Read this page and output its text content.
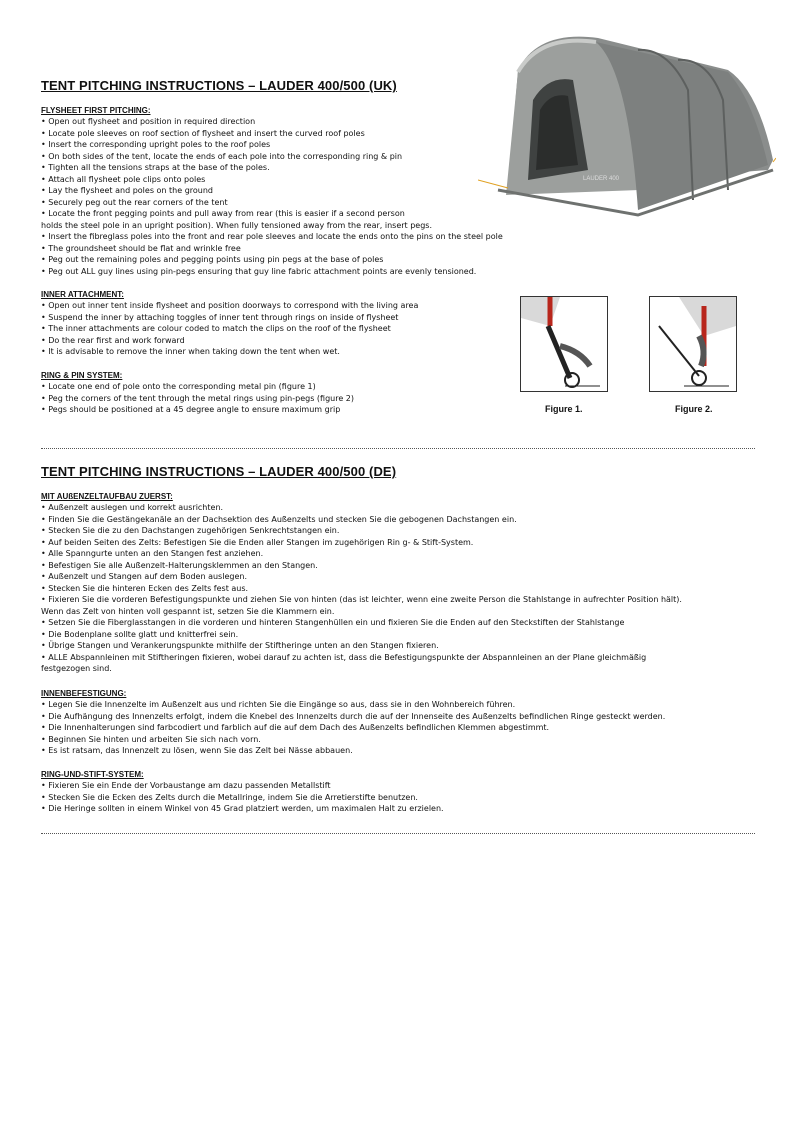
LAUDER 400
TENT PITCHING INSTRUCTIONS – LAUDER 400/500 (UK)
FLYSHEET FIRST PITCHING:
• Open out flysheet and position in required direction
• Locate pole sleeves on roof section of flysheet and insert the curved roof poles
• Insert the corresponding upright poles to the roof poles
• On both sides of the tent, locate the ends of each pole into the corresponding ring & pin
• Tighten all the tensions straps at the base of the poles.
• Attach all flysheet pole clips onto poles
• Lay the flysheet and poles on the ground
• Securely peg out the rear corners of the tent
• Locate the front pegging points and pull away from rear (this is easier if a second person
holds the steel pole in an upright position). When fully tensioned away from the rear, insert pegs.
• Insert the fibreglass poles into the front and rear pole sleeves and locate the ends onto the pins on the steel pole
• The groundsheet should be flat and wrinkle free
• Peg out the remaining poles and pegging points using pin pegs at the base of poles
• Peg out ALL guy lines using pin-pegs ensuring that guy line fabric attachment points are evenly tensioned.
INNER ATTACHMENT:
• Open out inner tent inside flysheet and position doorways to correspond with the living area
• Suspend the inner by attaching toggles of inner tent through rings on inside of flysheet
• The inner attachments are colour coded to match the clips on the roof of the flysheet
• Do the rear first and work forward
• It is advisable to remove the inner when taking down the tent when wet.
RING & PIN SYSTEM:
• Locate one end of pole onto the corresponding metal pin (figure 1)
• Peg the corners of the tent through the metal rings using pin-pegs (figure 2)
• Pegs should be positioned at a 45 degree angle to ensure maximum grip	Figure 1.	Figure 2.
TENT PITCHING INSTRUCTIONS – LAUDER 400/500 (DE)
MIT AUßENZELTAUFBAU ZUERST:
• Außenzelt auslegen und korrekt ausrichten.
• Finden Sie die Gestängekanäle an der Dachsektion des Außenzelts und stecken Sie die gebogenen Dachstangen ein.
• Stecken Sie die zu den Dachstangen zugehörigen Senkrechtstangen ein.
• Auf beiden Seiten des Zelts: Befestigen Sie die Enden aller Stangen im zugehörigen Rin g- & Stift-System.
• Alle Spanngurte unten an den Stangen fest anziehen.
• Befestigen Sie alle Außenzelt-Halterungsklemmen an den Stangen.
• Außenzelt und Stangen auf dem Boden auslegen.
• Stecken Sie die hinteren Ecken des Zelts fest aus.
• Fixieren Sie die vorderen Befestigungspunkte und ziehen Sie von hinten (das ist leichter, wenn eine zweite Person die Stahlstange in aufrechter Position hält).
Wenn das Zelt von hinten voll gespannt ist, setzen Sie die Klammern ein.
• Setzen Sie die Fiberglasstangen in die vorderen und hinteren Stangenhüllen ein und fixieren Sie die Enden auf den Steckstiften der Stahlstange
• Die Bodenplane sollte glatt und knitterfrei sein.
• Übrige Stangen und Verankerungspunkte mithilfe der Stiftheringe unten an den Stangen fixieren.
• ALLE Abspannleinen mit Stiftheringen fixieren, wobei darauf zu achten ist, dass die Befestigungspunkte der Abspannleinen an der Plane gleichmäßig
festgezogen sind.
INNENBEFESTIGUNG:
• Legen Sie die Innenzelte im Außenzelt aus und richten Sie die Eingänge so aus, dass sie in den Wohnbereich führen.
• Die Aufhängung des Innenzelts erfolgt, indem die Knebel des Innenzelts durch die auf der Innenseite des Außenzelts befindlichen Ringe gesteckt werden.
• Die Innenhalterungen sind farbcodiert und farblich auf die auf dem Dach des Außenzelts befindlichen Klemmen abgestimmt.
• Beginnen Sie hinten und arbeiten Sie sich nach vorn.
• Es ist ratsam, das Innenzelt zu lösen, wenn Sie das Zelt bei Nässe abbauen.
RING-UND-STIFT-SYSTEM:
• Fixieren Sie ein Ende der Vorbaustange am dazu passenden Metallstift
• Stecken Sie die Ecken des Zelts durch die Metallringe, indem Sie die Arretierstifte benutzen.
• Die Heringe sollten in einem Winkel von 45 Grad platziert werden, um maximalen Halt zu erzielen.
